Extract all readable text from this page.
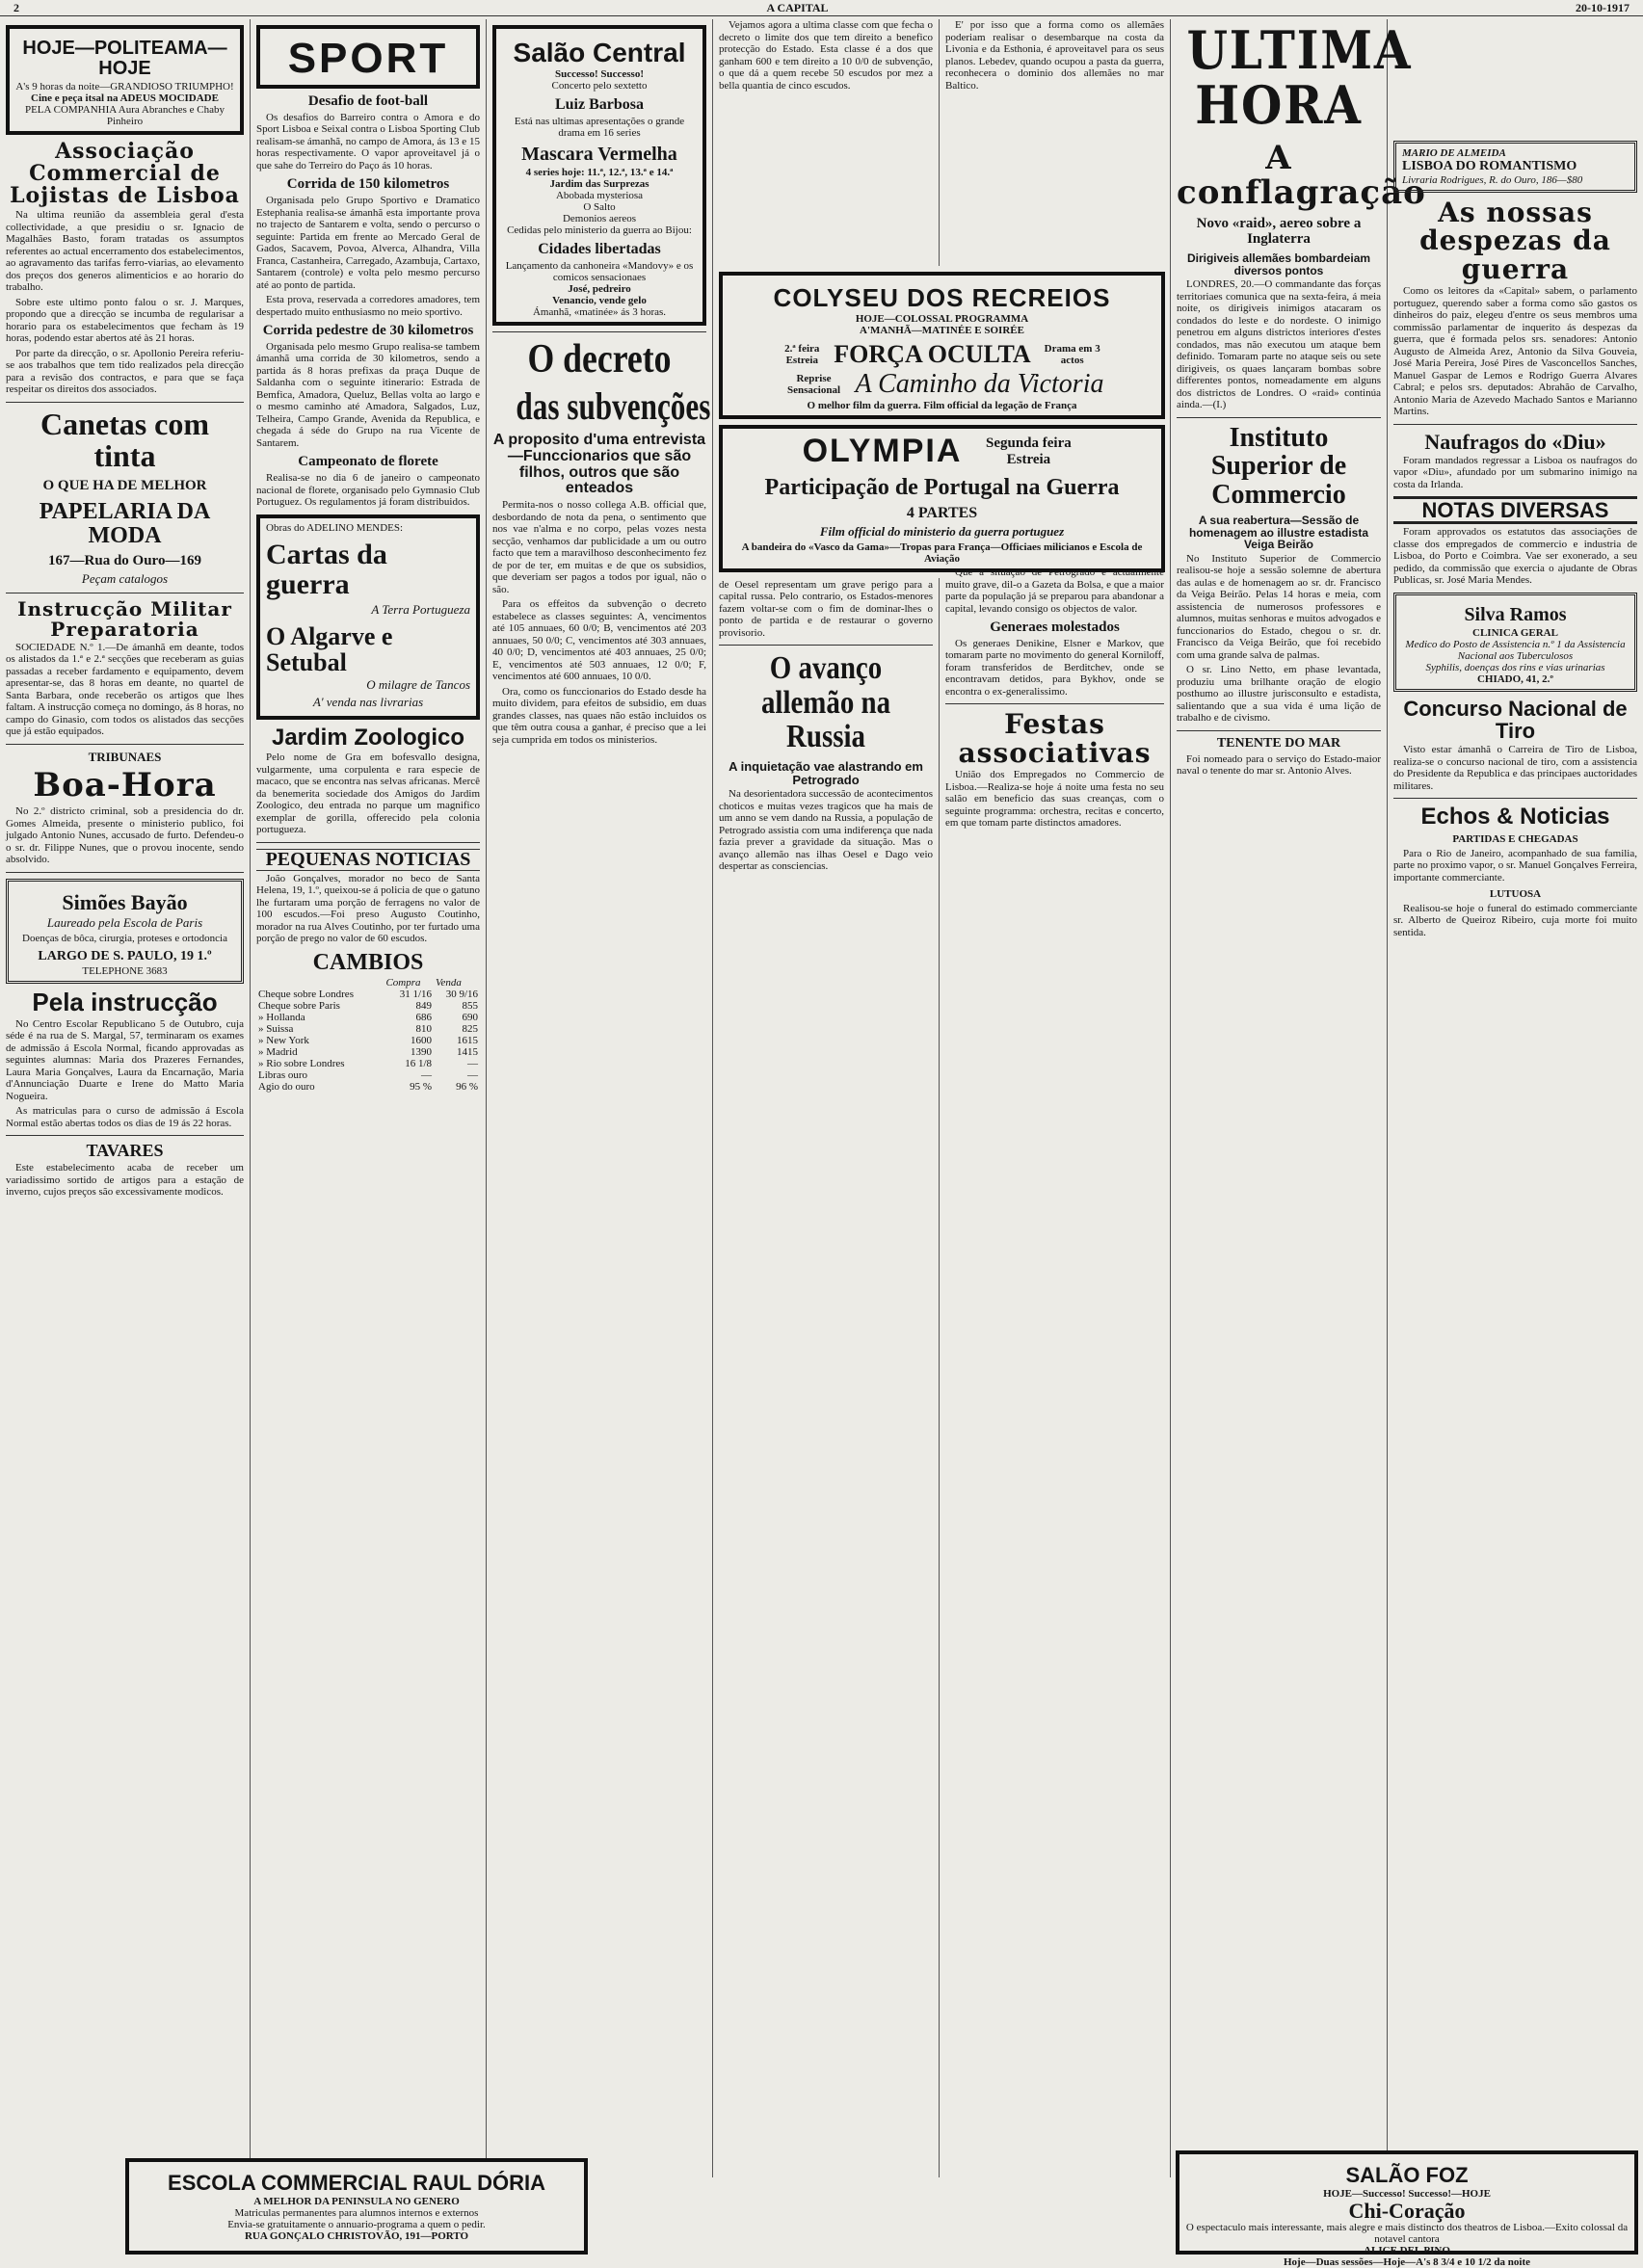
2	A CAPITAL	20-10-1917
HOJE—POLITEAMA—HOJE
A's 9 horas da noite—GRANDIOSO TRIUMPHO!
Cine e peça itsal na ADEUS MOCIDADE
PELA COMPANHIA Aura Abranches e Chaby Pinheiro
Associação Commercial de Lojistas de Lisboa

Na ultima reunião da assembleia geral d'esta collectividade, a que presidiu o sr. Ignacio de Magalhães Basto, foram tratadas os assumptos referentes ao actual encerramento dos estabelecimentos, ao agravamento das tarifas ferro-viarias, ao elevamento dos preços dos generos alimenticios e ao horario do trabalho.

Sobre este ultimo ponto falou o sr. J. Marques, propondo que a direcção se incumba de regularisar a horario para os estabelecimentos que fecham às 19 horas, podendo estar abertos até às 21 horas.

Por parte da direcção, o sr. Apollonio Pereira referiu-se aos trabalhos que tem tido realizados pela direcção para a revisão dos contractos, e para que se faça respeitar os direitos dos associados.

Canetas com tinta
O QUE HA DE MELHOR
PAPELARIA DA MODA
167—Rua do Ouro—169
Peçam catalogos
Instrucção Militar Preparatoria

SOCIEDADE N.º 1.—De ámanhã em deante, todos os alistados da 1.ª e 2.ª secções que receberam as guias passadas a receber fardamento e equipamento, devem apresentar-se, das 8 horas em deante, no quartel de Santa Barbara, onde receberão os artigos que lhes faltam. A instrucção começa no domingo, ás 8 horas, no campo do Ginasio, com todos os alistados das secções que já estão equipados.

TRIBUNAES
Boa-Hora

No 2.º districto criminal, sob a presidencia do dr. Gomes Almeida, presente o ministerio publico, foi julgado Antonio Nunes, accusado de furto. Defendeu-o o sr. dr. Filippe Nunes, que o provou inocente, sendo absolvido.

Simões Bayão
Laureado pela Escola de Paris
Doenças de bôca, cirurgia, proteses e ortodoncia
LARGO DE S. PAULO, 19 1.º
TELEPHONE 3683
Pela instrucção

No Centro Escolar Republicano 5 de Outubro, cuja séde é na rua de S. Margal, 57, terminaram os exames de admissão á Escola Normal, ficando approvadas as seguintes alumnas: Maria dos Prazeres Fernandes, Laura Maria Gonçalves, Laura da Encarnação, Maria d'Annunciação Duarte e Irene do Matto Maria Nogueira.

As matriculas para o curso de admissão á Escola Normal estão abertas todos os dias de 19 ás 22 horas.

TAVARES

Este estabelecimento acaba de receber um variadissimo sortido de artigos para a estação de inverno, cujos preços são excessivamente modicos.

SPORT
Desafio de foot-ball

Os desafios do Barreiro contra o Amora e do Sport Lisboa e Seixal contra o Lisboa Sporting Club realisam-se ámanhã, no campo de Amora, ás 13 e 15 horas respectivamente. O vapor aproveitavel já o que sahe do Terreiro do Paço ás 10 horas.

Corrida de 150 kilometros

Organisada pelo Grupo Sportivo e Dramatico Estephania realisa-se ámanhã esta importante prova no trajecto de Santarem e volta, sendo o percurso o seguinte: Partida em frente ao Mercado Geral de Gados, Sacavem, Povoa, Alverca, Alhandra, Villa Franca, Castanheira, Carregado, Azambuja, Cartaxo, Santarem (controle) e volta pelo mesmo percurso até ao ponto de partida.

Esta prova, reservada a corredores amadores, tem despertado muito enthusiasmo no meio sportivo.

Corrida pedestre de 30 kilometros

Organisada pelo mesmo Grupo realisa-se tambem ámanhã uma corrida de 30 kilometros, sendo a partida ás 8 horas prefixas da praça Duque de Saldanha com o seguinte itinerario: Estrada de Bemfica, Amadora, Queluz, Bellas volta ao largo e o mesmo caminho até Amadora, Salgados, Luz, Telheira, Campo Grande, Avenida da Republica, e chegada á séde do Grupo na rua Vicente de Santarem.

Campeonato de florete

Realisa-se no dia 6 de janeiro o campeonato nacional de florete, organisado pelo Gymnasio Club Portuguez. Os regulamentos já foram distribuidos.

Obras do ADELINO MENDES:
Cartas da guerra
A Terra Portugueza
O Algarve e Setubal
O milagre de Tancos
A' venda nas livrarias
Jardim Zoologico

Pelo nome de Gra em bofesvallo designa, vulgarmente, uma corpulenta e rara especie de macaco, que se encontra nas selvas africanas. Mercê da benemerita sociedade dos Amigos do Jardim Zoologico, deu entrada no parque um magnifico exemplar de gorilla, offerecido pela colonia portugueza.

PEQUENAS NOTICIAS

João Gonçalves, morador no beco de Santa Helena, 19, 1.º, queixou-se á policia de que o gatuno lhe furtaram uma porção de ferragens no valor de 100 escudos.—Foi preso Augusto Coutinho, morador na rua Alves Coutinho, por ter furtado uma porção de prego no valor de 60 escudos.

CAMBIOS
	Compra	Venda
Cheque sobre Londres	31 1/16	30 9/16
Cheque sobre Paris	849	855
» Hollanda	686	690
» Suissa	810	825
» New York	1600	1615
» Madrid	1390	1415
» Rio sobre Londres	16 1/8	—
Libras ouro	—	—
Agio do ouro	95 %	96 %
Salão Central
Successo! Successo!
Concerto pelo sextetto
Luiz Barbosa
Está nas ultimas apresentações o grande drama em 16 series
Mascara Vermelha
4 series hoje: 11.ª, 12.ª, 13.ª e 14.ª
Jardim das Surprezas
Abobada mysteriosa
O Salto
Demonios aereos
Cedidas pelo ministerio da guerra ao Bijou:
Cidades libertadas
Lançamento da canhoneira «Mandovy» e os comicos sensacionaes
José, pedreiro
Venancio, vende gelo
Ámanhã, «matinée» ás 3 horas.
O decreto
das subvenções
A proposito d'uma entrevista—Funccionarios que são filhos, outros que são enteados

Permita-nos o nosso collega A.B. official que, desbordando de nota da pena, o sentimento que nos vae n'alma e no corpo, pelas vozes nesta secção, venhamos dar publicidade a um ou outro facto que tem a maravilhoso desconhecimento fez de por de ter, em muitas e de que os subsidios, que deveriam ser pagos a todos por igual, não o são.

Para os effeitos da subvenção o decreto estabelece as classes seguintes: A, vencimentos até 105 annuaes, 60 0/0; B, vencimentos até 203 annuaes, 50 0/0; C, vencimentos até 303 annuaes, 40 0/0; D, vencimentos até 403 annuaes, 25 0/0; E, vencimentos até 503 annuaes, 12 0/0; F, vencimentos até 600 annuaes, 10 0/0.

Ora, como os funccionarios do Estado desde ha muito dividem, para efeitos de subsidio, em duas grandes classes, nas quaes não estão incluidos os que têm outra cousa a ganhar, é preciso que a lei seja cumprida em todos os ministerios.

Vejamos agora a ultima classe com que fecha o decreto o limite dos que tem direito a benefico protecção do Estado. Esta classe é a dos que ganham 600 e tem direito a 10 0/0 de subvenção, o que dá a quem recebe 50 escudos por mez a bella quantia de cinco escudos.

COLYSEU DOS RECREIOS
HOJE—COLOSSAL PROGRAMMA
A'MANHÃ—MATINÉE E SOIRÉE
2.ª feira Estreia FORÇA OCULTA	Drama em 3 actos
Reprise Sensacional A Caminho da Victoria
O melhor film da guerra. Film official da legação de França
OLYMPIA	Segunda feira Estreia
Participação de Portugal na Guerra
4 PARTES
Film official do ministerio da guerra portuguez
A bandeira do «Vasco da Gama»—Tropas para França—Officiaes milicianos e Escola de Aviação

de Oesel representam um grave perigo para a capital russa. Pelo contrario, os Estados-menores fazem voltar-se com o fim de dominar-lhes o ponto de partida e de restaurar o governo provisorio.

O avanço allemão na Russia
A inquietação vae alastrando em Petrogrado

Na desorientadora successão de acontecimentos choticos e muitas vezes tragicos que ha mais de um anno se vem dando na Russia, a população de Petrogrado assistia com uma indiferença que nada fazia prever a gravidade da situação. Mas o avanço allemão nas ilhas Oesel e Dago veio despertar as consciencias.

E' por isso que a forma como os allemães poderiam realisar o desembarque na costa da Livonia e da Esthonia, é aproveitavel para os seus planos. Lebedev, quando ocupou a pasta da guerra, reconhecera o dominio dos allemães no mar Baltico.

Que a situação de Petrogrado é actualmente muito grave, dil-o a Gazeta da Bolsa, e que a maior parte da população já se preparou para abandonar a capital, levando consigo os objectos de valor.

Generaes molestados

Os generaes Denikine, Elsner e Markov, que tomaram parte no movimento do general Korniloff, foram transferidos de Berditchev, onde se encontravam detidos, para Bykhov, onde se encontra o ex-generalissimo.

Festas associativas

União dos Empregados no Commercio de Lisboa.—Realiza-se hoje á noite uma festa no seu salão em beneficio das suas creanças, com o seguinte programma: orchestra, recitas e concerto, em que tomam parte distinctos amadores.

ULTIMA HORA
A conflagração
Novo «raid», aereo sobre a Inglaterra
Dirigiveis allemães bombardeiam diversos pontos

LONDRES, 20.—O commandante das forças territoriaes comunica que na sexta-feira, á meia noite, os dirigiveis inimigos atacaram os condados do leste e do nordeste. O inimigo penetrou em alguns districtos interiores d'estes condados, mas não executou um ataque bem definido. Tomaram parte no ataque seis ou sete dirigiveis, os quaes lançaram bombas sobre differentes pontos, nomeadamente em alguns dos districtos de Londres. O «raid» continúa ainda.—(I.)

Instituto Superior de Commercio
A sua reabertura—Sessão de homenagem ao illustre estadista Veiga Beirão

No Instituto Superior de Commercio realisou-se hoje a sessão solemne de abertura das aulas e de homenagem ao sr. dr. Francisco da Veiga Beirão. Pelas 14 horas e meia, com assistencia de numerosos professores e alumnos, muitas senhoras e muitos advogados e funccionarios do Estado, chegou o sr. dr. Francisco da Veiga Beirão, que foi recebido com uma grande salva de palmas.

O sr. Lino Netto, em phase levantada, produziu uma brilhante oração de elogio posthumo ao illustre jurisconsulto e estadista, salientando que a sua vida é uma lição de trabalho e de civismo.

TENENTE DO MAR

Foi nomeado para o serviço do Estado-maior naval o tenente do mar sr. Antonio Alves.

MARIO DE ALMEIDA
LISBOA DO ROMANTISMO
Livraria Rodrigues, R. do Ouro, 186—$80
As nossas despezas da guerra

Como os leitores da «Capital» sabem, o parlamento portuguez, querendo saber a forma como são gastos os dinheiros do paiz, elegeu d'entre os seus membros uma commissão parlamentar de inquerito ás despezas da guerra, que é formada pelos srs. senadores: Antonio Augusto de Almeida Arez, Antonio da Silva Gouveia, José Maria Pereira, José Pires de Vasconcellos Sanches, Manuel Gaspar de Lemos e Rodrigo Guerra Alvares Cabral; e pelos srs. deputados: Abrahão de Carvalho, Antonio Maria de Azevedo Machado Santos e Marianno Martins.

Naufragos do «Diu»

Foram mandados regressar a Lisboa os naufragos do vapor «Diu», afundado por um submarino inimigo na costa da Irlanda.

NOTAS DIVERSAS

Foram approvados os estatutos das associações de classe dos empregados de commercio e industria de Lisboa, do Porto e Coimbra. Vae ser exonerado, a seu pedido, da commissão que exercia o ajudante de Obras Publicas, sr. José Maria Mendes.

Silva Ramos
CLINICA GERAL
Medico do Posto de Assistencia n.º 1 da Assistencia Nacional aos Tuberculosos
Syphilis, doenças dos rins e vias urinarias
CHIADO, 41, 2.º
Concurso Nacional de Tiro

Visto estar ámanhã o Carreira de Tiro de Lisboa, realiza-se o concurso nacional de tiro, com a assistencia do Presidente da Republica e das principaes auctoridades militares.

Echos & Noticias
PARTIDAS E CHEGADAS

Para o Rio de Janeiro, acompanhado de sua familia, parte no proximo vapor, o sr. Manuel Gonçalves Ferreira, importante commerciante.

LUTUOSA

Realisou-se hoje o funeral do estimado commerciante sr. Alberto de Queiroz Ribeiro, cuja morte foi muito sentida.

ESCOLA COMMERCIAL RAUL DÓRIA
A MELHOR DA PENINSULA NO GENERO
Matriculas permanentes para alumnos internos e externos
Envia-se gratuitamente o annuario-programa a quem o pedir.
RUA GONÇALO CHRISTOVÃO, 191—PORTO
SALÃO FOZ
HOJE—Successo! Successo!—HOJE
Chi-Coração
O espectaculo mais interessante, mais alegre e mais distincto dos theatros de Lisboa.—Exito colossal da notavel cantora
ALICE DEL PINO
Hoje—Duas sessões—Hoje—A's 8 3/4 e 10 1/2 da noite
